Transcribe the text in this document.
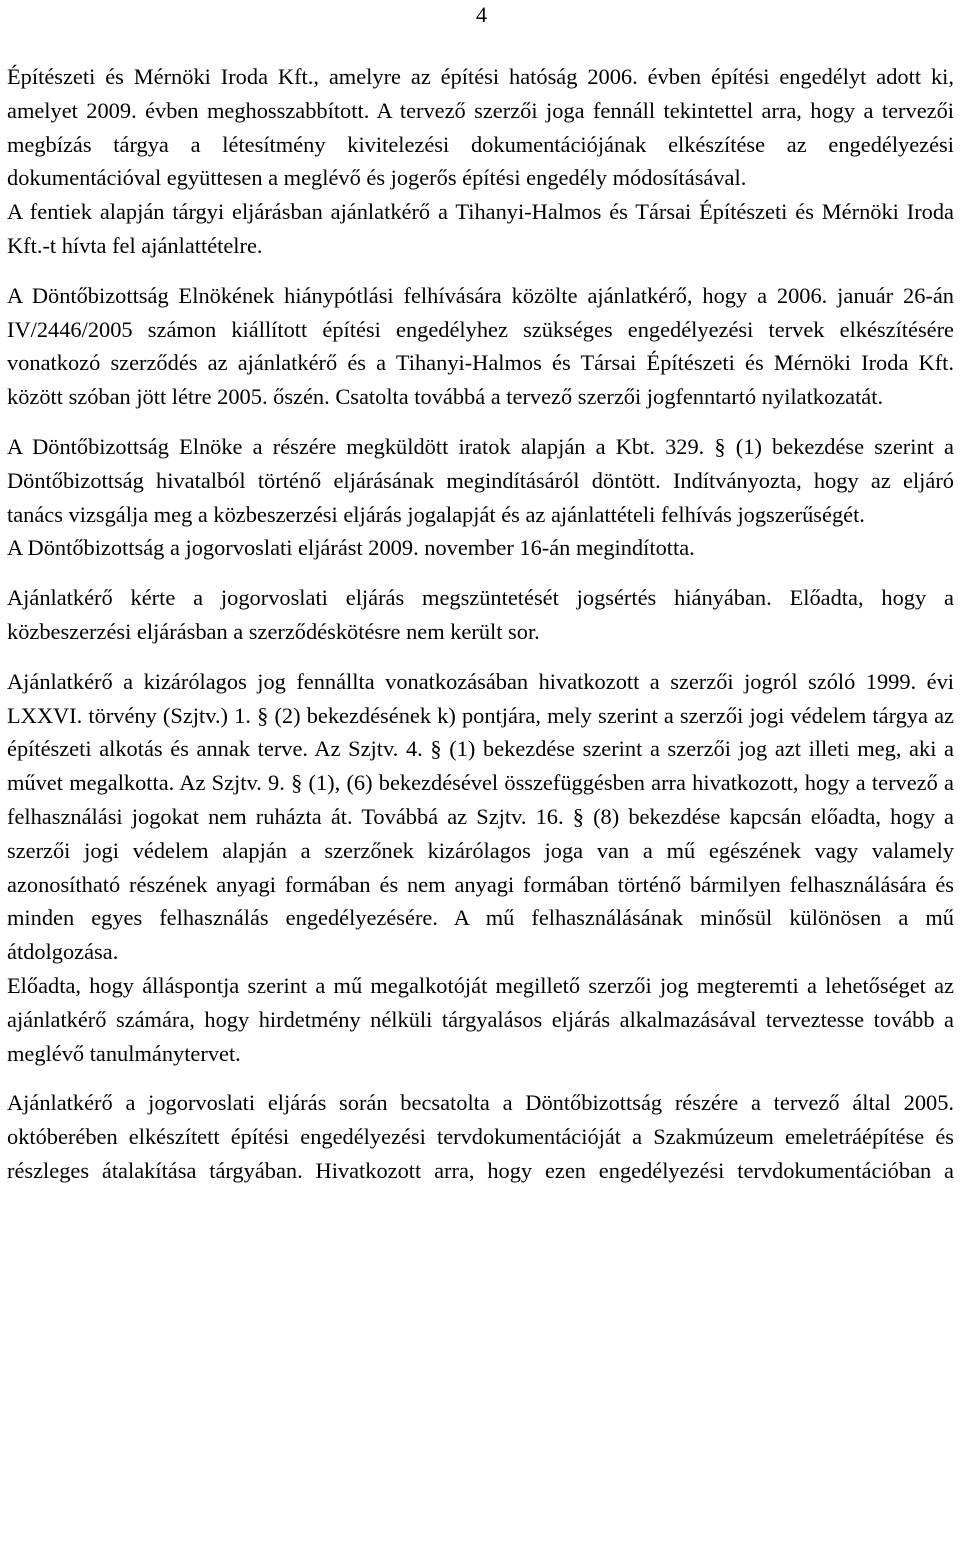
4

Építészeti és Mérnöki Iroda Kft., amelyre az építési hatóság 2006. évben építési engedélyt adott ki, amelyet 2009. évben meghosszabbított. A tervező szerzői joga fennáll tekintettel arra, hogy a tervezői megbízás tárgya a létesítmény kivitelezési dokumentációjának elkészítése az engedélyezési dokumentációval együttesen a meglévő és jogerős építési engedély módosításával.

A fentiek alapján tárgyi eljárásban ajánlatkérő a Tihanyi-Halmos és Társai Építészeti és Mérnöki Iroda Kft.-t hívta fel ajánlattételre.

A Döntőbizottság Elnökének hiánypótlási felhívására közölte ajánlatkérő, hogy a 2006. január 26-án IV/2446/2005 számon kiállított építési engedélyhez szükséges engedélyezési tervek elkészítésére vonatkozó szerződés az ajánlatkérő és a Tihanyi-Halmos és Társai Építészeti és Mérnöki Iroda Kft. között szóban jött létre 2005. őszén. Csatolta továbbá a tervező szerzői jogfenntartó nyilatkozatát.

A Döntőbizottság Elnöke a részére megküldött iratok alapján a Kbt. 329. § (1) bekezdése szerint a Döntőbizottság hivatalból történő eljárásának megindításáról döntött. Indítványozta, hogy az eljáró tanács vizsgálja meg a közbeszerzési eljárás jogalapját és az ajánlattételi felhívás jogszerűségét.

A Döntőbizottság a jogorvoslati eljárást 2009. november 16-án megindította.

Ajánlatkérő kérte a jogorvoslati eljárás megszüntetését jogsértés hiányában. Előadta, hogy a közbeszerzési eljárásban a szerződéskötésre nem került sor.

Ajánlatkérő a kizárólagos jog fennállta vonatkozásában hivatkozott a szerzői jogról szóló 1999. évi LXXVI. törvény (Szjtv.) 1. § (2) bekezdésének k) pontjára, mely szerint a szerzői jogi védelem tárgya az építészeti alkotás és annak terve. Az Szjtv. 4. § (1) bekezdése szerint a szerzői jog azt illeti meg, aki a művet megalkotta. Az Szjtv. 9. § (1), (6) bekezdésével összefüggésben arra hivatkozott, hogy a tervező a felhasználási jogokat nem ruházta át. Továbbá az Szjtv. 16. § (8) bekezdése kapcsán előadta, hogy a szerzői jogi védelem alapján a szerzőnek kizárólagos joga van a mű egészének vagy valamely azonosítható részének anyagi formában és nem anyagi formában történő bármilyen felhasználására és minden egyes felhasználás engedélyezésére. A mű felhasználásának minősül különösen a mű átdolgozása.

Előadta, hogy álláspontja szerint a mű megalkotóját megillető szerzői jog megteremti a lehetőséget az ajánlatkérő számára, hogy hirdetmény nélküli tárgyalásos eljárás alkalmazásával terveztesse tovább a meglévő tanulmánytervet.

Ajánlatkérő a jogorvoslati eljárás során becsatolta a Döntőbizottság részére a tervező által 2005. októberében elkészített építési engedélyezési tervdokumentációját a Szakmúzeum emeletráépítése és részleges átalakítása tárgyában. Hivatkozott arra, hogy ezen engedélyezési tervdokumentációban a
